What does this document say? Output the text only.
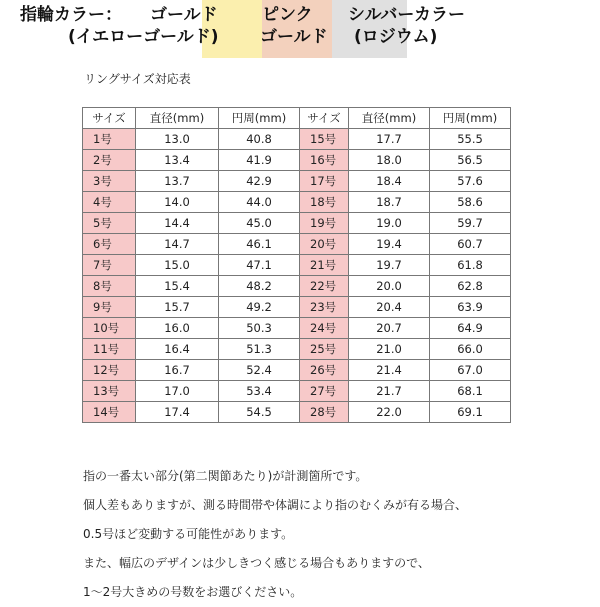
指輪カラー： ゴールド
(イエローゴールド)
ピンク
ゴールド
シルバーカラー
(ロジウム)
リングサイズ対応表
サイズ	直径(mm)	円周(mm)	サイズ	直径(mm)	円周(mm)
1号	13.0	40.8	15号	17.7	55.5
2号	13.4	41.9	16号	18.0	56.5
3号	13.7	42.9	17号	18.4	57.6
4号	14.0	44.0	18号	18.7	58.6
5号	14.4	45.0	19号	19.0	59.7
6号	14.7	46.1	20号	19.4	60.7
7号	15.0	47.1	21号	19.7	61.8
8号	15.4	48.2	22号	20.0	62.8
9号	15.7	49.2	23号	20.4	63.9
10号	16.0	50.3	24号	20.7	64.9
11号	16.4	51.3	25号	21.0	66.0
12号	16.7	52.4	26号	21.4	67.0
13号	17.0	53.4	27号	21.7	68.1
14号	17.4	54.5	28号	22.0	69.1

指の一番太い部分(第二関節あたり)が計測箇所です。

個人差もありますが、測る時間帯や体調により指のむくみが有る場合、

0.5号ほど変動する可能性があります。

また、幅広のデザインは少しきつく感じる場合もありますので、

1～2号大きめの号数をお選びください。
